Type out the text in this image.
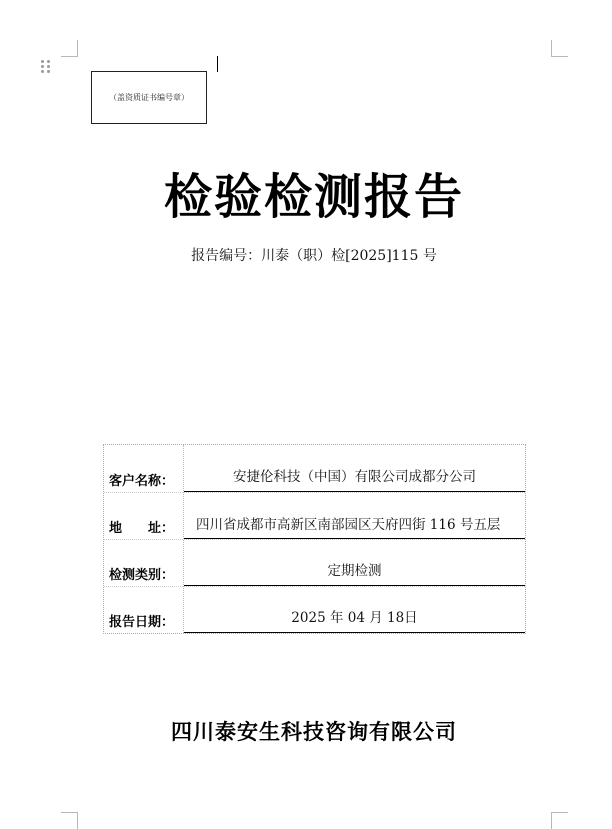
（盖资质证书编号章）
检验检测报告
报告编号：川泰（职）检[2025]115 号
客户名称：	安捷伦科技（中国）有限公司成都分公司
地　　址：	四川省成都市高新区南部园区天府四街 116 号五层
检测类别：	定期检测
报告日期：	2025 年 04 月 18日
四川泰安生科技咨询有限公司
